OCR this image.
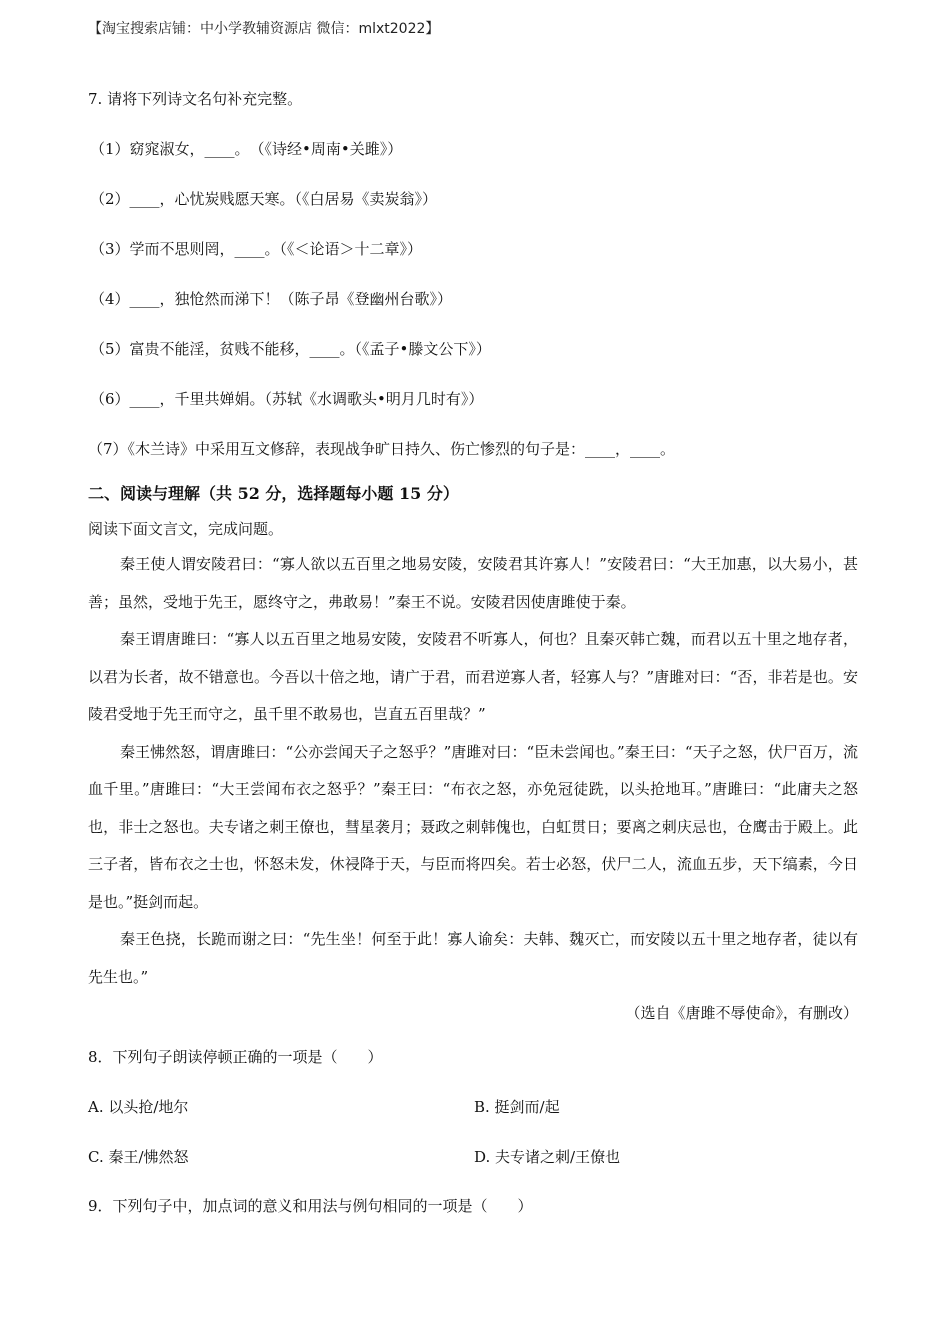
【淘宝搜索店铺：中小学教辅资源店 微信：mlxt2022】
7. 请将下列诗文名句补充完整。
（1）窈窕淑女，____。　（《诗经•周南•关雎》）
（2）____，心忧炭贱愿天寒。（《白居易《卖炭翁》）
（3）学而不思则罔，____。（《＜论语＞十二章》）
（4）____，独怆然而涕下！（陈子昂《登幽州台歌》）
（5）富贵不能淫，贫贱不能移，____。（《孟子•滕文公下》）
（6）____，千里共婵娟。（苏轼《水调歌头•明月几时有》）
（7）《木兰诗》中采用互文修辞，表现战争旷日持久、伤亡惨烈的句子是：____，____。
二、阅读与理解（共 52 分，选择题每小题 15 分）
阅读下面文言文，完成问题。

秦王使人谓安陵君曰：“寡人欲以五百里之地易安陵，安陵君其许寡人！”安陵君曰：“大王加惠，以大易小，甚善；虽然，受地于先王，愿终守之，弗敢易！”秦王不说。安陵君因使唐雎使于秦。

秦王谓唐雎曰：“寡人以五百里之地易安陵，安陵君不听寡人，何也？且秦灭韩亡魏，而君以五十里之地存者，以君为长者，故不错意也。今吾以十倍之地，请广于君，而君逆寡人者，轻寡人与？”唐雎对曰：“否，非若是也。安陵君受地于先王而守之，虽千里不敢易也，岂直五百里哉？”

秦王怫然怒，谓唐雎曰：“公亦尝闻天子之怒乎？”唐雎对曰：“臣未尝闻也。”秦王曰：“天子之怒，伏尸百万，流血千里。”唐雎曰：“大王尝闻布衣之怒乎？”秦王曰：“布衣之怒，亦免冠徒跣，以头抢地耳。”唐雎曰：“此庸夫之怒也，非士之怒也。夫专诸之刺王僚也，彗星袭月；聂政之刺韩傀也，白虹贯日；要离之刺庆忌也，仓鹰击于殿上。此三子者，皆布衣之士也，怀怒未发，休祲降于天，与臣而将四矣。若士必怒，伏尸二人，流血五步，天下缟素，今日是也。”挺剑而起。

秦王色挠，长跪而谢之曰：“先生坐！何至于此！寡人谕矣：夫韩、魏灭亡，而安陵以五十里之地存者，徒以有先生也。”

（选自《唐雎不辱使命》，有删改）
8．下列句子朗读停顿正确的一项是（　　）
A. 以头抢/地尔	B. 挺剑而/起
C. 秦王/怫然怒	D. 夫专诸之刺/王僚也
9．下列句子中，加点词的意义和用法与例句相同的一项是（　　）
